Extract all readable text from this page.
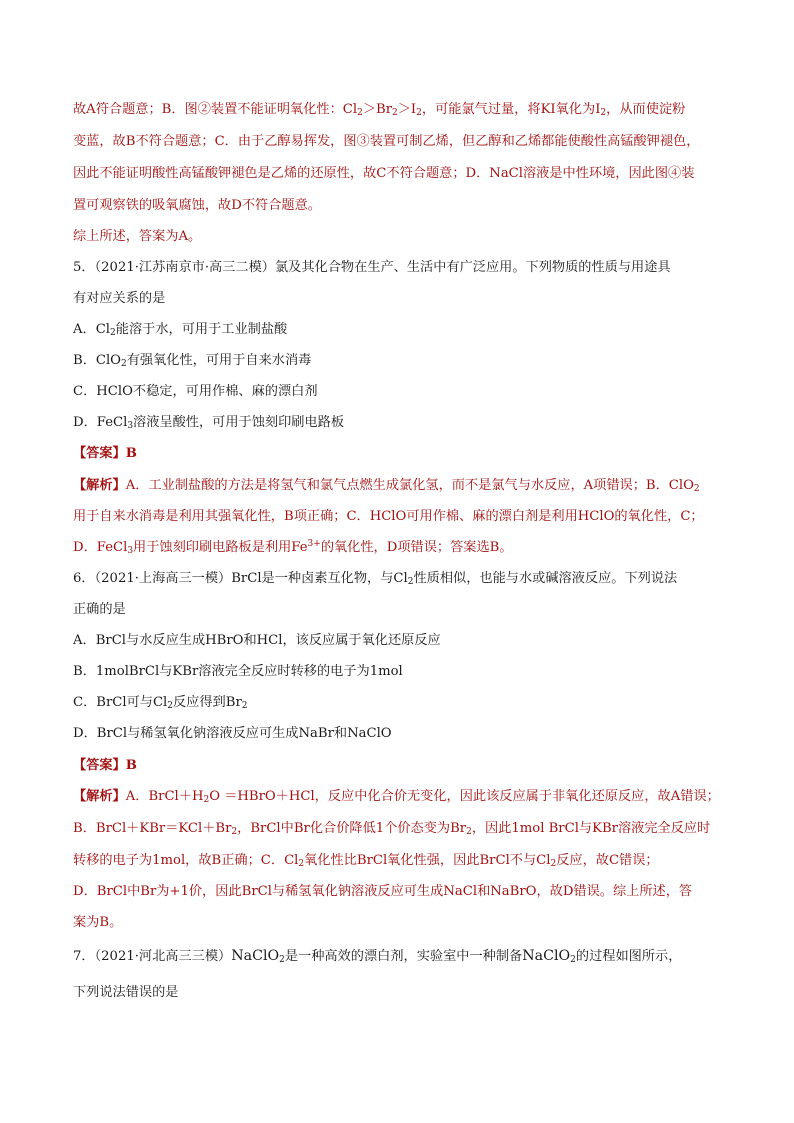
故A符合题意；B．图②装置不能证明氧化性：$Cl_2>Br_2>I_2$，可能氯气过量，将KI氧化为$I_2$，从而使淀粉
变蓝，故B不符合题意；C．由于乙醇易挥发，图③装置可制乙烯，但乙醇和乙烯都能使酸性高锰酸钾褪色，
因此不能证明酸性高锰酸钾褪色是乙烯的还原性，故C不符合题意；D．NaCl溶液是中性环境，因此图④装
置可观察铁的吸氧腐蚀，故D不符合题意。
综上所述，答案为A。
5．（2021·江苏南京市·高三二模）氯及其化合物在生产、生活中有广泛应用。下列物质的性质与用途具
有对应关系的是
A．$Cl_2$能溶于水，可用于工业制盐酸
B．ClO$_2$有强氧化性，可用于自来水消毒
C．HClO不稳定，可用作棉、麻的漂白剂
D．FeCl$_3$溶液呈酸性，可用于蚀刻印刷电路板
【答案】B
【解析】A．工业制盐酸的方法是将氢气和氯气点燃生成氯化氢，而不是氯气与水反应，A项错误；B．ClO$_2$
用于自来水消毒是利用其强氧化性，B项正确；C．HClO可用作棉、麻的漂白剂是利用HClO的氧化性，C；
D．FeCl$_3$用于蚀刻印刷电路板是利用$Fe^{3+}$的氧化性，D项错误；答案选B。
6．（2021·上海高三一模）BrCl是一种卤素互化物，与$Cl_2$性质相似，也能与水或碱溶液反应。下列说法
正确的是
A．BrCl与水反应生成HBrO和HCl，该反应属于氧化还原反应
B．1molBrCl与KBr溶液完全反应时转移的电子为1mol
C．BrCl可与$Cl_2$反应得到$Br_2$
D．BrCl与稀氢氧化钠溶液反应可生成NaBr和NaClO
【答案】B
【解析】A．$BrCl+H_2O$ ＝HBrO＋HCl，反应中化合价无变化，因此该反应属于非氧化还原反应，故A错误；
B．$BrCl+KBr=KCl+Br_2$，BrCl中Br化合价降低1个价态变为$Br_2$，因此1mol BrCl与KBr溶液完全反应时
转移的电子为1mol，故B正确；C．$Cl_2$氧化性比BrCl氧化性强，因此BrCl不与$Cl_2$反应，故C错误；
D．BrCl中Br为+1价，因此BrCl与稀氢氧化钠溶液反应可生成NaCl和NaBrO，故D错误。综上所述，答
案为B。
7．（2021·河北高三三模）NaClO$_2$是一种高效的漂白剂，实验室中一种制备NaClO$_2$的过程如图所示，
下列说法错误的是
